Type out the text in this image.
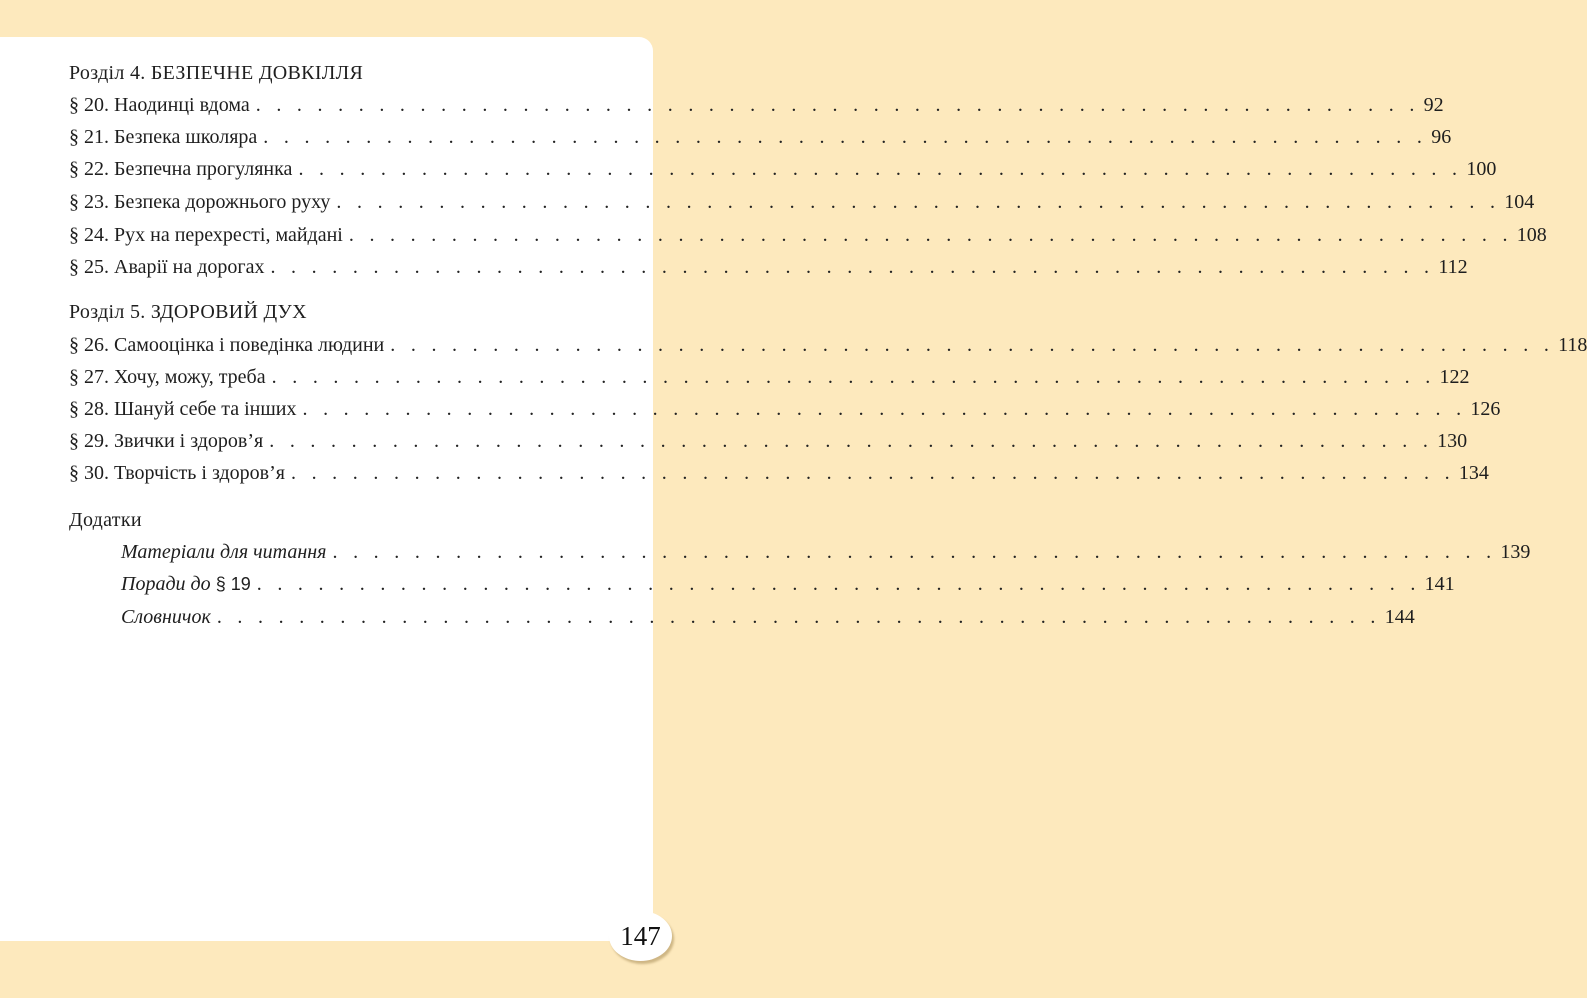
Розділ 4. БЕЗПЕЧНЕ ДОВКІЛЛЯ
§ 20. Наодинці вдома . . . . . . . . . . . . . . . . . . . . . . . . . . . . . . . . . . . . . . . . . . . . . . . . . . . . . . . . . 92
§ 21. Безпека школяра . . . . . . . . . . . . . . . . . . . . . . . . . . . . . . . . . . . . . . . . . . . . . . . . . . . . . . . . . 96
§ 22. Безпечна прогулянка . . . . . . . . . . . . . . . . . . . . . . . . . . . . . . . . . . . . . . . . . . . . . . . . . . . . . . . . . 100
§ 23. Безпека дорожнього руху . . . . . . . . . . . . . . . . . . . . . . . . . . . . . . . . . . . . . . . . . . . . . . . . . . . . . . . . . 104
§ 24. Рух на перехресті, майдані . . . . . . . . . . . . . . . . . . . . . . . . . . . . . . . . . . . . . . . . . . . . . . . . . . . . . . . . . 108
§ 25. Аварії на дорогах . . . . . . . . . . . . . . . . . . . . . . . . . . . . . . . . . . . . . . . . . . . . . . . . . . . . . . . . . 112
Розділ 5. ЗДОРОВИЙ ДУХ
§ 26. Самооцінка і поведінка людини . . . . . . . . . . . . . . . . . . . . . . . . . . . . . . . . . . . . . . . . . . . . . . . . . . . . . . . . . 118
§ 27. Хочу, можу, треба . . . . . . . . . . . . . . . . . . . . . . . . . . . . . . . . . . . . . . . . . . . . . . . . . . . . . . . . . 122
§ 28. Шануй себе та інших . . . . . . . . . . . . . . . . . . . . . . . . . . . . . . . . . . . . . . . . . . . . . . . . . . . . . . . . . 126
§ 29. Звички і здоров’я . . . . . . . . . . . . . . . . . . . . . . . . . . . . . . . . . . . . . . . . . . . . . . . . . . . . . . . . . 130
§ 30. Творчість і здоров’я . . . . . . . . . . . . . . . . . . . . . . . . . . . . . . . . . . . . . . . . . . . . . . . . . . . . . . . . . 134
Додатки
Матеріали для читання . . . . . . . . . . . . . . . . . . . . . . . . . . . . . . . . . . . . . . . . . . . . . . . . . . . . . . . . . 139
Поради до § 19 . . . . . . . . . . . . . . . . . . . . . . . . . . . . . . . . . . . . . . . . . . . . . . . . . . . . . . . . . 141
Словничок . . . . . . . . . . . . . . . . . . . . . . . . . . . . . . . . . . . . . . . . . . . . . . . . . . . . . . . . . 144
147
